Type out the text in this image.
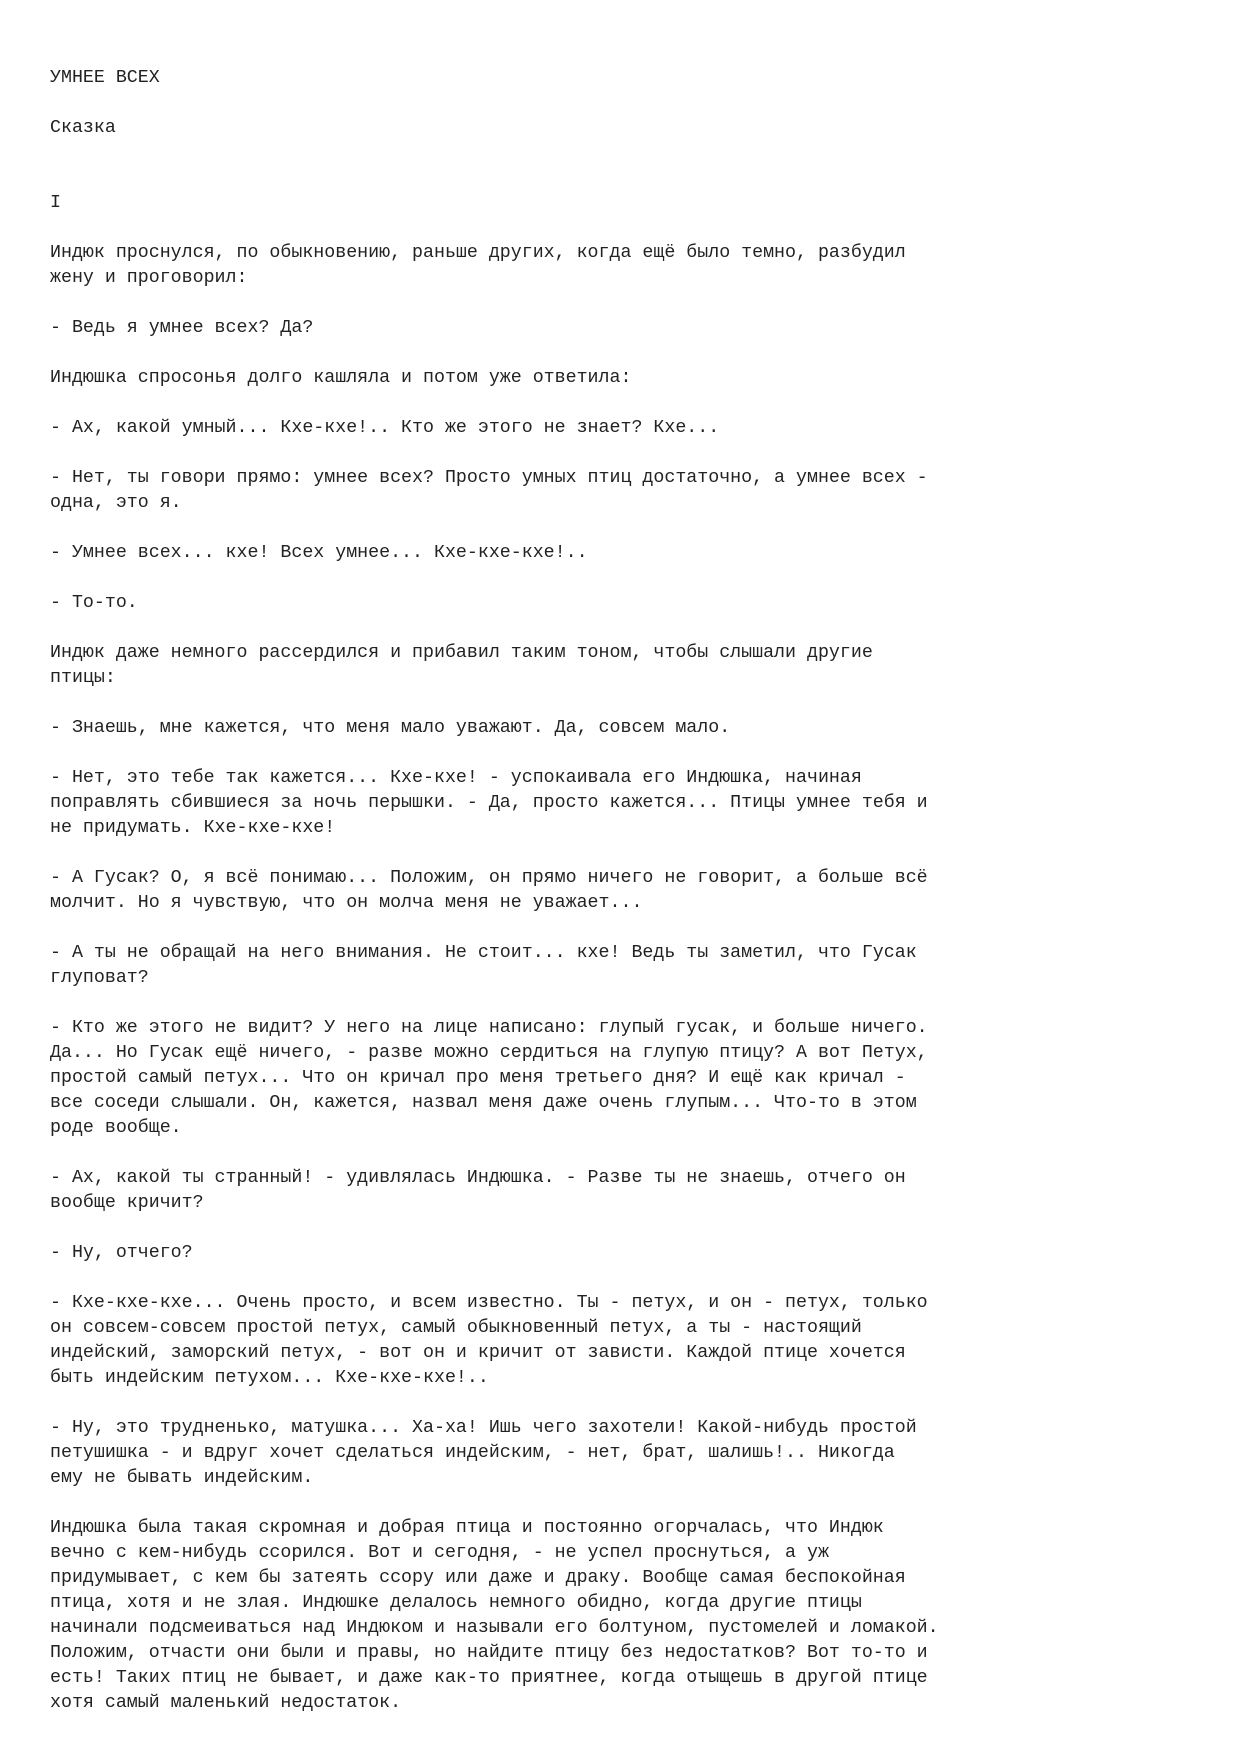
УМНЕЕ ВСЕХ
Сказка
I
Индюк проснулся, по обыкновению, раньше других, когда ещё было темно, разбудил
жену и проговорил:
- Ведь я умнее всех? Да?
Индюшка спросонья долго кашляла и потом уже ответила:
- Ах, какой умный... Кхе-кхе!.. Кто же этого не знает? Кхе...
- Нет, ты говори прямо: умнее всех? Просто умных птиц достаточно, а умнее всех -
одна, это я.
- Умнее всех... кхе! Всех умнее... Кхе-кхе-кхе!..
- То-то.
Индюк даже немного рассердился и прибавил таким тоном, чтобы слышали другие
птицы:
- Знаешь, мне кажется, что меня мало уважают. Да, совсем мало.
- Нет, это тебе так кажется... Кхе-кхе! - успокаивала его Индюшка, начиная
поправлять сбившиеся за ночь перышки. - Да, просто кажется... Птицы умнее тебя и
не придумать. Кхе-кхе-кхе!
- А Гусак? О, я всё понимаю... Положим, он прямо ничего не говорит, а больше всё
молчит. Но я чувствую, что он молча меня не уважает...
- А ты не обращай на него внимания. Не стоит... кхе! Ведь ты заметил, что Гусак
глуповат?
- Кто же этого не видит? У него на лице написано: глупый гусак, и больше ничего.
Да... Но Гусак ещё ничего, - разве можно сердиться на глупую птицу? А вот Петух,
простой самый петух... Что он кричал про меня третьего дня? И ещё как кричал -
все соседи слышали. Он, кажется, назвал меня даже очень глупым... Что-то в этом
роде вообще.
- Ах, какой ты странный! - удивлялась Индюшка. - Разве ты не знаешь, отчего он
вообще кричит?
- Ну, отчего?
- Кхе-кхе-кхе... Очень просто, и всем известно. Ты - петух, и он - петух, только
он совсем-совсем простой петух, самый обыкновенный петух, а ты - настоящий
индейский, заморский петух, - вот он и кричит от зависти. Каждой птице хочется
быть индейским петухом... Кхе-кхе-кхе!..
- Ну, это трудненько, матушка... Ха-ха! Ишь чего захотели! Какой-нибудь простой
петушишка - и вдруг хочет сделаться индейским, - нет, брат, шалишь!.. Никогда
ему не бывать индейским.
Индюшка была такая скромная и добрая птица и постоянно огорчалась, что Индюк
вечно с кем-нибудь ссорился. Вот и сегодня, - не успел проснуться, а уж
придумывает, с кем бы затеять ссору или даже и драку. Вообще самая беспокойная
птица, хотя и не злая. Индюшке делалось немного обидно, когда другие птицы
начинали подсмеиваться над Индюком и называли его болтуном, пустомелей и ломакой.
Положим, отчасти они были и правы, но найдите птицу без недостатков? Вот то-то и
есть! Таких птиц не бывает, и даже как-то приятнее, когда отыщешь в другой птице
хотя самый маленький недостаток.
